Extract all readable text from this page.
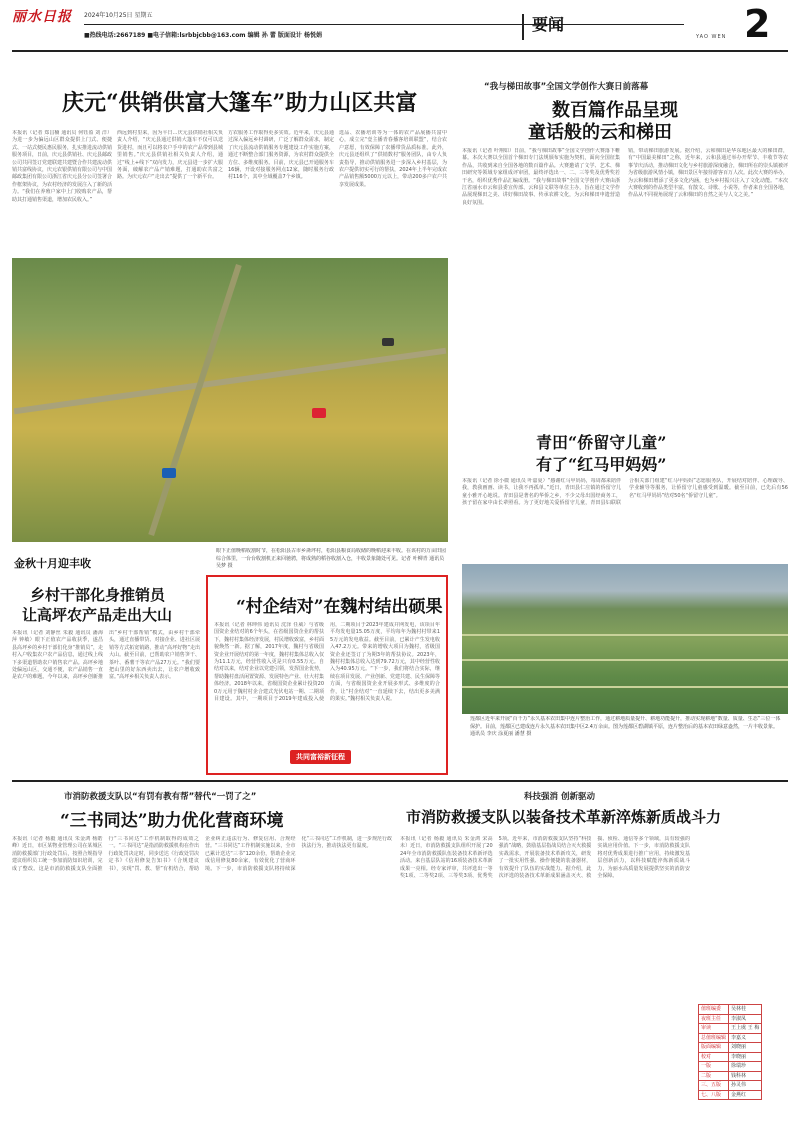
丽水日报 2024年10月25日 星期五
■热线电话:2667189 ■电子信箱:lsrbbjcbb@163.com 编辑 孙 蕾 版面设计 杨悦娟
要闻
YAO WEN 2
庆元“供销供富大篷车”助力山区共富
本报讯（记者 郑昌楠 通讯员 何钰盈 刘 洋）为进一步为偏远山区群众提供上门式、便捷式、一站式便民惠民服务，扎实推进流动供销服务项目，日前，庆元县供销社、庆元县邮政公司共同签订党建联建共建暨合作共建流动供销共富线协议，庆元农银供销有限公司与中国邮政集团有限公司浙江省庆元县分公司签署合作框架协议，为农村经济的发展注入了新的活力。“我们在养殖户家中上门收购农产品，帮助其打通销售渠道，增加农民收入。”
西远到村里来，因为平日…庆元县供销社相关负责人介绍，“庆元县通过供销大篷车不仅可以送货进村，而且可以将农户手中的农产品带到县城里销售。”庆元县供销社相关负责人介绍，通过“线上+线下”双向发力，庆元县进一步扩大服务面，破解农产品产销难题，打通助农共富之路。为庆元农户“走出去”提供了一个新平台。
方农服务工作取得更多实效。近年来，庆元县通过深入偏远乡村调研，广泛了解群众需求，制定了庆元县流动供销服务专题建设工作实施方案，通过不断整合部门服务资源，为农村群众提供全方位、多维度服务。目前，庆元县已开通服务车16辆，开设对接服务网点12家，随时服务行政村116个，其中全域覆盖7个乡镇。
选品、农播培训等为一体的农产品展播共富中心，成立完“壹主播青春播客培训联盟”，结合农户意愿，有效保障了农播带货品质标准。此外，庆元县还组织了“供销数村”服务团队，由专人负责指导，推动供销服务进一步深入乡村基层，为农户提供切实可行的帮扶，2024年上半年完成农产品销售额5000万元以上，带动200多户农户共享发展成果。
金秋十月迎丰收
眼下正值晚稻收割时节，在松阳县古市乡斋坪村，松阳县粮食局收储的晚稻迎来丰收。在该村的万亩田园综合体里，一台台收割机正来回驰骋，将成熟的稻谷收割入仓，丰收景象随处可见。记者 叶柳青 通讯员 吴梦 摄
“我与梯田故事”全国文学创作大赛日前落幕
数百篇作品呈现
童话般的云和梯田
本报讯（记者 叶翔如）日前，“我与梯田故事”全国文学创作大赛落下帷幕。本次大赛以全国首个梯田专门法规颁布实施为契机，面向全国征集作品，共收到来自全国各地的数百篇作品。大赛邀请了文学、艺术、梯田研究等领域专家组成评审团，最终评选出一、二、三等奖及优秀奖若干名，组织优秀作品汇编成册。“我与梯田故事”全国文学创作大赛由浙江省丽水市云和县委宣传部、云和县文联等单位主办，旨在通过文学作品展现梯田之美、讲好梯田故事、传承农耕文化，为云和梯田申遗营造良好氛围。
销，带动梯田旅游发展。据介绍，云和梯田是华东地区最大的梯田群，有“中国最美梯田”之称，近年来，云和县通过举办开犁节、丰收节等农事节庆活动，推动梯田文化与乡村旅游深度融合，梯田所在的崇头镇被评为省级旅游风情小镇，梯田景区年接待游客百万人次。此次大赛的举办，为云和梯田增添了更多文化内涵，也为乡村振兴注入了文化动能。“本次大赛收到的作品类型丰富，有散文、诗歌、小说等，作者来自全国各地，作品从不同视角展现了云和梯田的自然之美与人文之美。”
青田“侨留守儿童”
有了“红马甲妈妈”
本报讯（记者 徐小微 通讯员 叶嘉夏）“感谢红马甲妈妈，每周都来陪伴我，教我画画、读书，让我不再孤单。”近日，青田县仁庄镇的侨留守儿童小雅开心地说。青田县是著名的华侨之乡，不少父母出国经商务工，孩子留在家中由长辈照看。为了更好地关爱侨留守儿童，青田县妇联联合相关部门组建“红马甲妈妈”志愿服务队，开展结对陪伴、心理疏导、学业辅导等服务，让侨留守儿童感受到温暖。截至目前，已先后有56名“红马甲妈妈”结对50名“侨留守儿童”。
乡村干部化身推销员
让高坪农产品走出大山
本报讯（记者 刘静丝 朱毅 通讯员 潘海萍 钟敏）眼下正值农产品收获季，遂昌县高坪乡的乡村干部们化身“推销员”，走村入户收集农户农产品信息，通过线上线下多渠道帮助农户销售农产品。高坪乡地处偏远山区，交通不便，农产品销售一直是农户的难题。今年以来，高坪乡创新推出“乡村干部帮销”模式，由乡村干部牵头，通过直播带货、对接企业、进社区展销等方式拓宽销路，推动“高坪好物”走出大山。截至目前，已帮助农户销售笋干、茶叶、番薯干等农产品27万元。“我们要把山里的好东西卖出去，让农户增收致富。”高坪乡相关负责人表示。
“村企结对”在魏村结出硕果
本报讯（记者 林坤伟 通讯员 沈泽 任威）与省级国资企业结对的6个年头，在省级国资企业的帮扶下，魏村村集体经济发展，村民增收致富，乡村面貌焕然一新。据了解，2017年度，魏村与省级国资企业开展结对的第一年度，魏村村集体总收入仅为11.1万元，经营性收入更是只有0.55万元。自结对以来，结对企业以党建引领，发挥国企优势，帮助魏村盘活闲置资源、发展特色产业、壮大村集体经济。2018年以来，省级国资企业累计投资200万元用于魏村村企合建式光伏电站一期、二期项目建设。其中，一期项目于2019年建成投入使用，二期项目于2023年建成并网发电，该项目年平均发电量15.05万度，平均每年为魏村村带来15万元的发电收益。截至目前，已累计产生发电收入47.2万元。带来的增收大项目为魏村，省级国资企业还签订了为期3年的帮扶协议。2023年，魏村村集体总收入达到79.72万元，其中经营性收入为40.95万元。“下一步，我们将结合实际，继续在项目发展、产业创新、党建共建、民生保障等方面，与省级国资企业开展多形式、多维度的合作，让“村企结对”一直延续下去，结出更多美满的果实。”魏村相关负责人说。
共同富裕新征程
莲都区近年来开展“百千万”永久基本农田集中连片整治工作，通过耕地质量提升、耕地功能提升，推动实现耕地“数量、质量、生态”三位一体保护。目前，莲都区已建成连片永久基本农田集中区2.4万余亩。图为莲都区碧湖镇平原，连片整治后的基本农田绿意盎然，一片丰收景象。通讯员 李庆 涂夏丽 潘慧 摄
市消防救援支队以“有罚有教有帮”替代“一罚了之”
“三书同达”助力优化营商环境
本报讯（记者 杨毅 通讯员 朱金鸿 杨皓峰）近日，市区某物业管理公司在某城区消防救援部门行政处罚后，按照合规指导建议组织员工统一参加消防知识培训，完成了整改。这是市消防救援支队全面推行“三书同达”工作机制取得的成效之一。“三书同达”是指消防救援机构在作出行政处罚决定时，同步送达《行政处罚决定书》《信用修复告知书》《合规建议书》，实现“罚、教、帮”有机结合，帮助企业纠正违法行为、修复信用、合规经营。“三书同达”工作机制实施以来，全市已累计送达“三书”120余份，帮助企业完成信用修复80余家，有效优化了营商环境。下一步，市消防救援支队将持续深化“三书同达”工作机制，进一步规范行政执法行为，推动执法更有温度。
科技强消 创新驱动
市消防救援支队以装备技术革新淬炼新质战斗力
本报讯（记者 杨毅 通讯员 朱金鸿 宋高未）近日，市消防救援支队组织开展了2024年全市消防救援队伍装备技术革新评选活动。来自基层队站的16项装备技术革新成果一亮相。经专家评审，共评选出一等奖1项、二等奖2项、三等奖3项、优秀奖5项。近年来，市消防救援支队坚持“科技强消”战略，鼓励基层指战员结合灭火救援实战需求，开展装备技术革新攻关，研发了一批实用性强、操作便捷的装备器材，有效提升了队伍的实战能力。据介绍，此次评选的装备技术革新成果涵盖灭火、救援、侦检、通信等多个领域，具有较强的实战应用价值。下一步，市消防救援支队将对优秀成果进行推广应用，持续激发基层创新活力，以科技赋能淬炼新质战斗力，为丽水高质量发展提供坚实的消防安全保障。
值班编委	吴林桂
夜班主任	李淑凤
审读	王上虞 王 梅
总值班编辑	李嘉义
版面编辑	刘晓丽
校对	李晓丽
一版	徐瑞珍
二版	钱科林
三、五版	孙灵伟
七、八版	金燕红
